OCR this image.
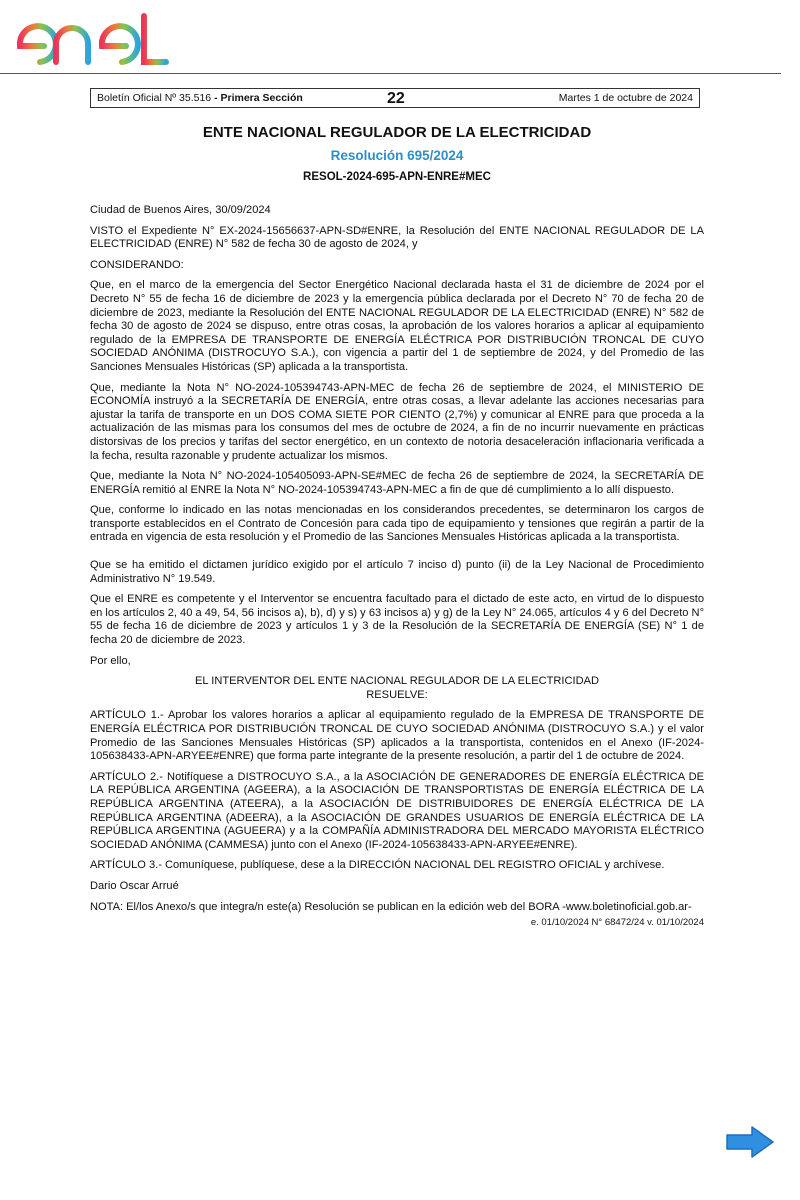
Boletín Oficial Nº 35.516 - Primera Sección	22	Martes 1 de octubre de 2024

ENTE NACIONAL REGULADOR DE LA ELECTRICIDAD

Resolución 695/2024

RESOL-2024-695-APN-ENRE#MEC

Ciudad de Buenos Aires, 30/09/2024

VISTO el Expediente N° EX-2024-15656637-APN-SD#ENRE, la Resolución del ENTE NACIONAL REGULADOR DE LA ELECTRICIDAD (ENRE) N° 582 de fecha 30 de agosto de 2024, y

CONSIDERANDO:

Que, en el marco de la emergencia del Sector Energético Nacional declarada hasta el 31 de diciembre de 2024 por el Decreto N° 55 de fecha 16 de diciembre de 2023 y la emergencia pública declarada por el Decreto N° 70 de fecha 20 de diciembre de 2023, mediante la Resolución del ENTE NACIONAL REGULADOR DE LA ELECTRICIDAD (ENRE) N° 582 de fecha 30 de agosto de 2024 se dispuso, entre otras cosas, la aprobación de los valores horarios a aplicar al equipamiento regulado de la EMPRESA DE TRANSPORTE DE ENERGÍA ELÉCTRICA POR DISTRIBUCIÓN TRONCAL DE CUYO SOCIEDAD ANÓNIMA (DISTROCUYO S.A.), con vigencia a partir del 1 de septiembre de 2024, y del Promedio de las Sanciones Mensuales Históricas (SP) aplicada a la transportista.

Que, mediante la Nota N° NO-2024-105394743-APN-MEC de fecha 26 de septiembre de 2024, el MINISTERIO DE ECONOMÍA instruyó a la SECRETARÍA DE ENERGÍA, entre otras cosas, a llevar adelante las acciones necesarias para ajustar la tarifa de transporte en un DOS COMA SIETE POR CIENTO (2,7%) y comunicar al ENRE para que proceda a la actualización de las mismas para los consumos del mes de octubre de 2024, a fin de no incurrir nuevamente en prácticas distorsivas de los precios y tarifas del sector energético, en un contexto de notoria desaceleración inflacionaria verificada a la fecha, resulta razonable y prudente actualizar los mismos.

Que, mediante la Nota N° NO-2024-105405093-APN-SE#MEC de fecha 26 de septiembre de 2024, la SECRETARÍA DE ENERGÍA remitió al ENRE la Nota N° NO-2024-105394743-APN-MEC a fin de que dé cumplimiento a lo allí dispuesto.

Que, conforme lo indicado en las notas mencionadas en los considerandos precedentes, se determinaron los cargos de transporte establecidos en el Contrato de Concesión para cada tipo de equipamiento y tensiones que regirán a partir de la entrada en vigencia de esta resolución y el Promedio de las Sanciones Mensuales Históricas aplicada a la transportista.

Que se ha emitido el dictamen jurídico exigido por el artículo 7 inciso d) punto (ii) de la Ley Nacional de Procedimiento Administrativo N° 19.549.

Que el ENRE es competente y el Interventor se encuentra facultado para el dictado de este acto, en virtud de lo dispuesto en los artículos 2, 40 a 49, 54, 56 incisos a), b), d) y s) y 63 incisos a) y g) de la Ley N° 24.065, artículos 4 y 6 del Decreto N° 55 de fecha 16 de diciembre de 2023 y artículos 1 y 3 de la Resolución de la SECRETARÍA DE ENERGÍA (SE) N° 1 de fecha 20 de diciembre de 2023.

Por ello,

EL INTERVENTOR DEL ENTE NACIONAL REGULADOR DE LA ELECTRICIDAD
RESUELVE:

ARTÍCULO 1.- Aprobar los valores horarios a aplicar al equipamiento regulado de la EMPRESA DE TRANSPORTE DE ENERGÍA ELÉCTRICA POR DISTRIBUCIÓN TRONCAL DE CUYO SOCIEDAD ANÓNIMA (DISTROCUYO S.A.) y el valor Promedio de las Sanciones Mensuales Históricas (SP) aplicados a la transportista, contenidos en el Anexo (IF-2024-105638433-APN-ARYEE#ENRE) que forma parte integrante de la presente resolución, a partir del 1 de octubre de 2024.

ARTÍCULO 2.- Notifíquese a DISTROCUYO S.A., a la ASOCIACIÓN DE GENERADORES DE ENERGÍA ELÉCTRICA DE LA REPÚBLICA ARGENTINA (AGEERA), a la ASOCIACIÓN DE TRANSPORTISTAS DE ENERGÍA ELÉCTRICA DE LA REPÚBLICA ARGENTINA (ATEERA), a la ASOCIACIÓN DE DISTRIBUIDORES DE ENERGÍA ELÉCTRICA DE LA REPÚBLICA ARGENTINA (ADEERA), a la ASOCIACIÓN DE GRANDES USUARIOS DE ENERGÍA ELÉCTRICA DE LA REPÚBLICA ARGENTINA (AGUEERA) y a la COMPAÑÍA ADMINISTRADORA DEL MERCADO MAYORISTA ELÉCTRICO SOCIEDAD ANÓNIMA (CAMMESA) junto con el Anexo (IF-2024-105638433-APN-ARYEE#ENRE).

ARTÍCULO 3.- Comuníquese, publíquese, dese a la DIRECCIÓN NACIONAL DEL REGISTRO OFICIAL y archívese.

Dario Oscar Arrué

NOTA: El/los Anexo/s que integra/n este(a) Resolución se publican en la edición web del BORA -www.boletinoficial.gob.ar-

e. 01/10/2024 N° 68472/24 v. 01/10/2024
